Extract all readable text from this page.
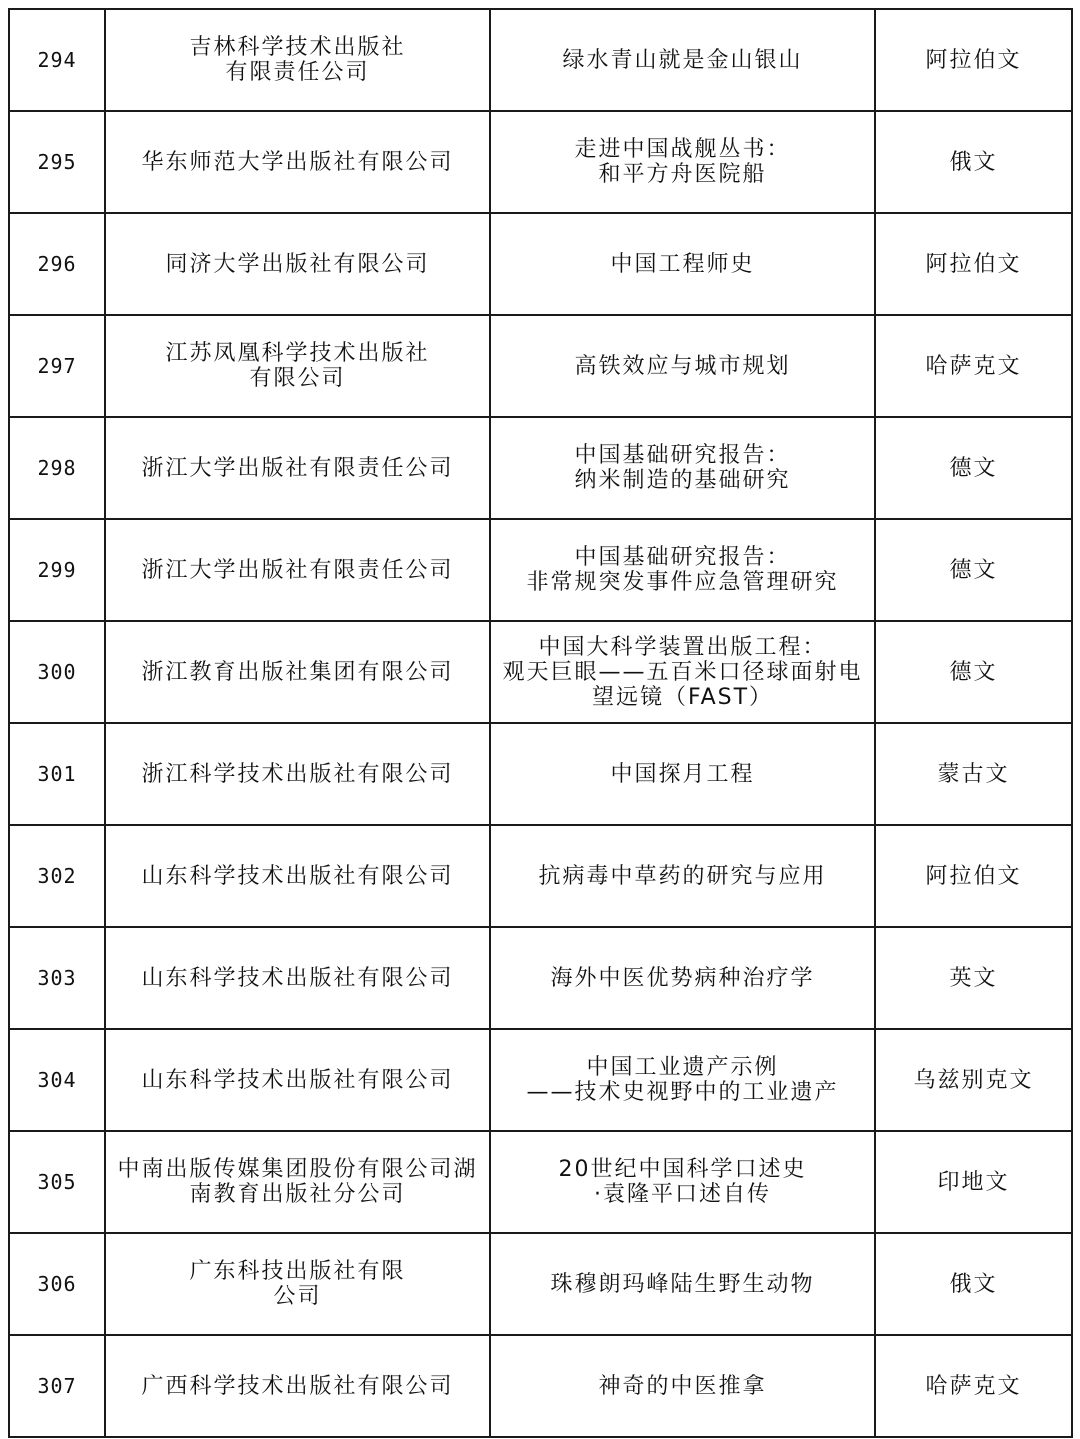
294	吉林科学技术出版社
有限责任公司	绿水青山就是金山银山	阿拉伯文
295	华东师范大学出版社有限公司	走进中国战舰丛书：
和平方舟医院船	俄文
296	同济大学出版社有限公司	中国工程师史	阿拉伯文
297	江苏凤凰科学技术出版社
有限公司	高铁效应与城市规划	哈萨克文
298	浙江大学出版社有限责任公司	中国基础研究报告：
纳米制造的基础研究	德文
299	浙江大学出版社有限责任公司	中国基础研究报告：
非常规突发事件应急管理研究	德文
300	浙江教育出版社集团有限公司	中国大科学装置出版工程：
观天巨眼——五百米口径球面射电
望远镜（FAST）	德文
301	浙江科学技术出版社有限公司	中国探月工程	蒙古文
302	山东科学技术出版社有限公司	抗病毒中草药的研究与应用	阿拉伯文
303	山东科学技术出版社有限公司	海外中医优势病种治疗学	英文
304	山东科学技术出版社有限公司	中国工业遗产示例
——技术史视野中的工业遗产	乌兹别克文
305	中南出版传媒集团股份有限公司湖
南教育出版社分公司	20世纪中国科学口述史
·袁隆平口述自传	印地文
306	广东科技出版社有限
公司	珠穆朗玛峰陆生野生动物	俄文
307	广西科学技术出版社有限公司	神奇的中医推拿	哈萨克文
